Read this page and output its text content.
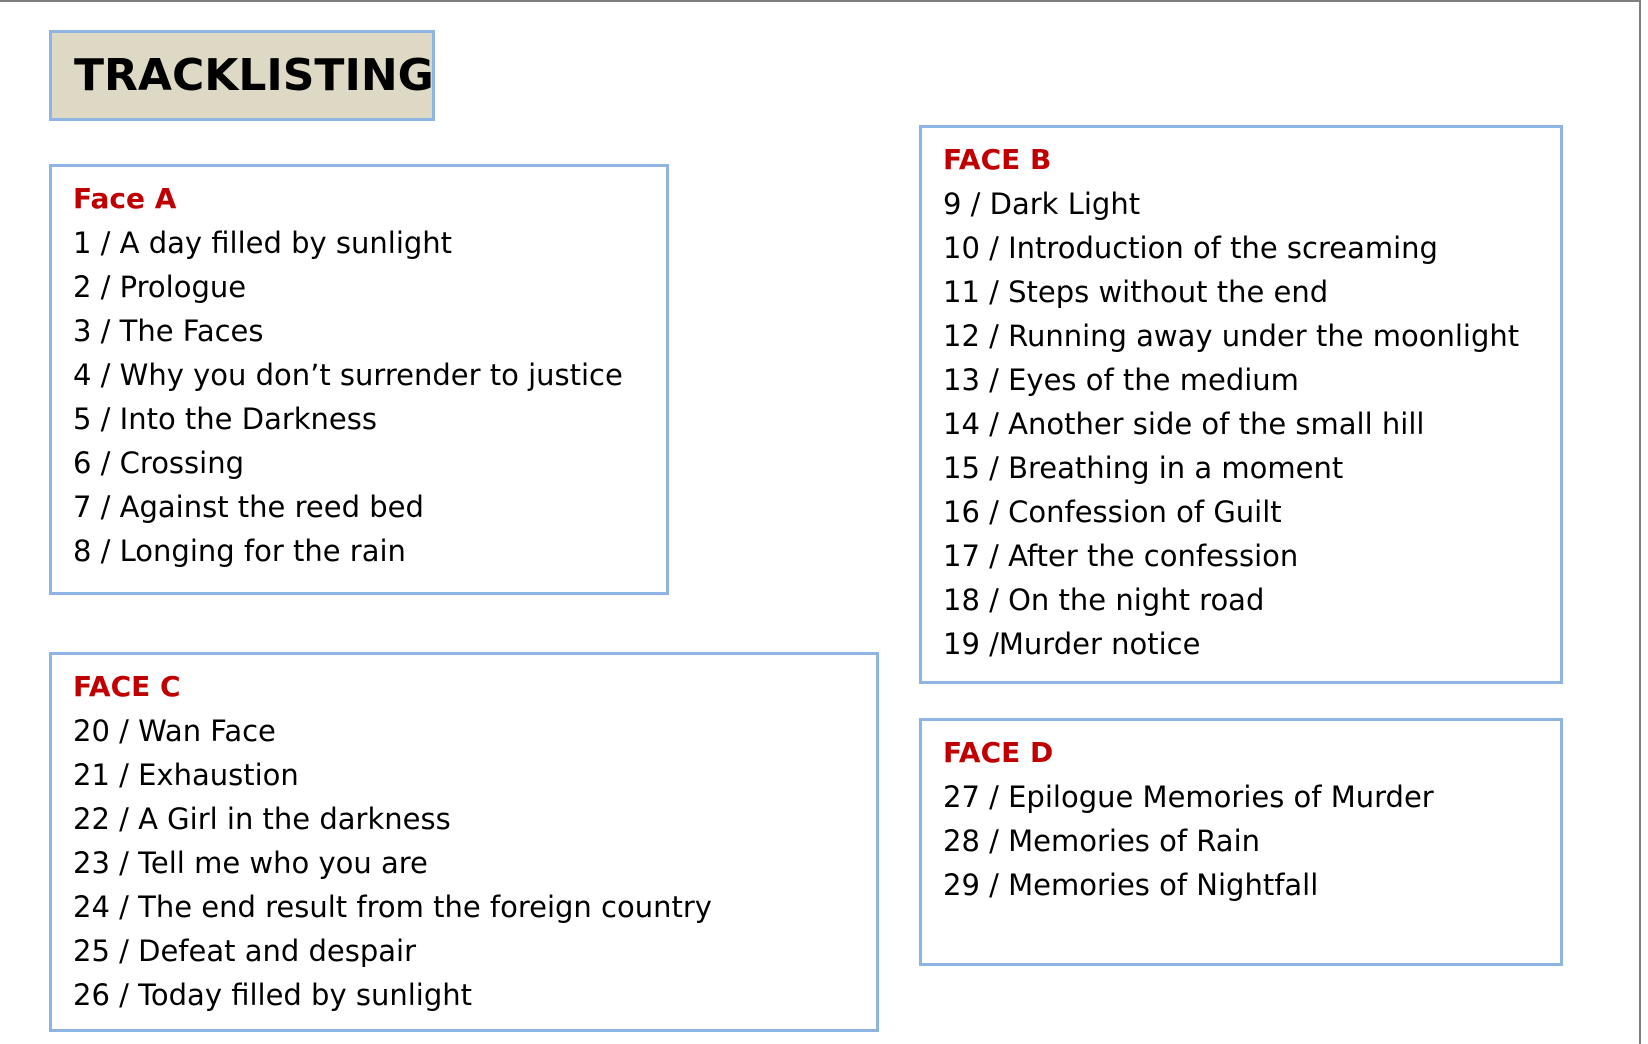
TRACKLISTING
Face A
1 / A day filled by sunlight
2 / Prologue
3 / The Faces
4 / Why you don’t surrender to justice
5 / Into the Darkness
6 / Crossing
7 / Against the reed bed
8 / Longing for the rain
FACE B
9 / Dark Light
10 / Introduction of the screaming
11 / Steps without the end
12 / Running away under the moonlight
13 / Eyes of the medium
14 / Another side of the small hill
15 / Breathing in a moment
16 / Confession of Guilt
17 / After the confession
18 / On the night road
19 /Murder notice
FACE C
20 / Wan Face
21 / Exhaustion
22 / A Girl in the darkness
23 / Tell me who you are
24 / The end result from the foreign country
25 / Defeat and despair
26 / Today filled by sunlight
FACE D
27 / Epilogue Memories of Murder
28 / Memories of Rain
29 / Memories of Nightfall
